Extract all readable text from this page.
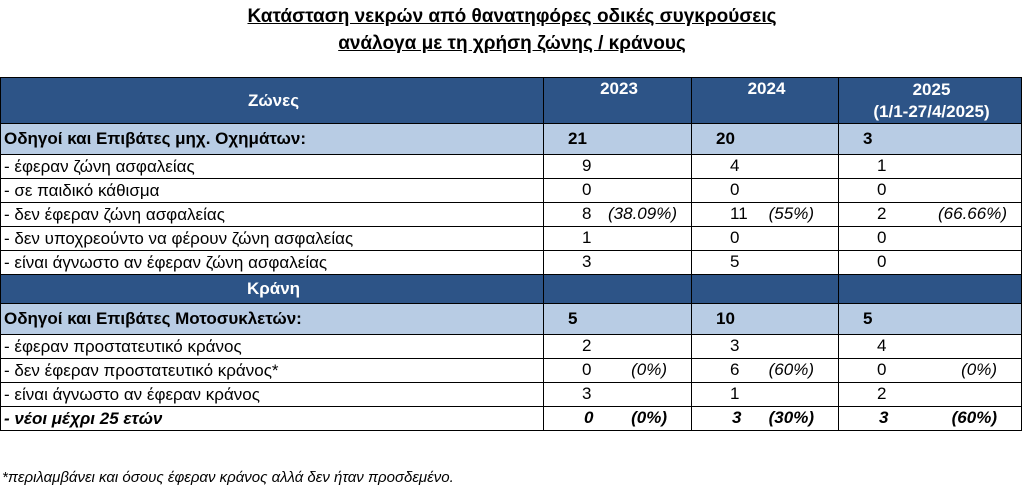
Κατάσταση νεκρών από θανατηφόρες οδικές συγκρούσεις
ανάλογα με τη χρήση ζώνης / κράνους
Ζώνες	2023	2024	2025
(1/1-27/4/2025)

Οδηγοί και Επιβάτες μηχ. Οχημάτων:	21	20	3
- έφεραν ζώνη ασφαλείας	9	4	1

- σε παιδικό κάθισμα	0	0	0

- δεν έφεραν ζώνη ασφαλείας	8 (38.09%)	11 (55%)	2 (66.66%)

- δεν υποχρεούντο να φέρουν ζώνη ασφαλείας	1	0	0

- είναι άγνωστο αν έφεραν ζώνη ασφαλείας	3	5	0

Κράνη			
Οδηγοί και Επιβάτες Μοτοσυκλετών:	5	10	5
- έφεραν προστατευτικό κράνος	2	3	4

- δεν έφεραν προστατευτικό κράνος*	0 (0%)	6 (60%)	0 (0%)

- είναι άγνωστο αν έφεραν κράνος	3	1	2

- νέοι μέχρι 25 ετών	0 (0%)	3 (30%)	3 (60%)
*περιλαμβάνει και όσους έφεραν κράνος αλλά δεν ήταν προσδεμένο.
